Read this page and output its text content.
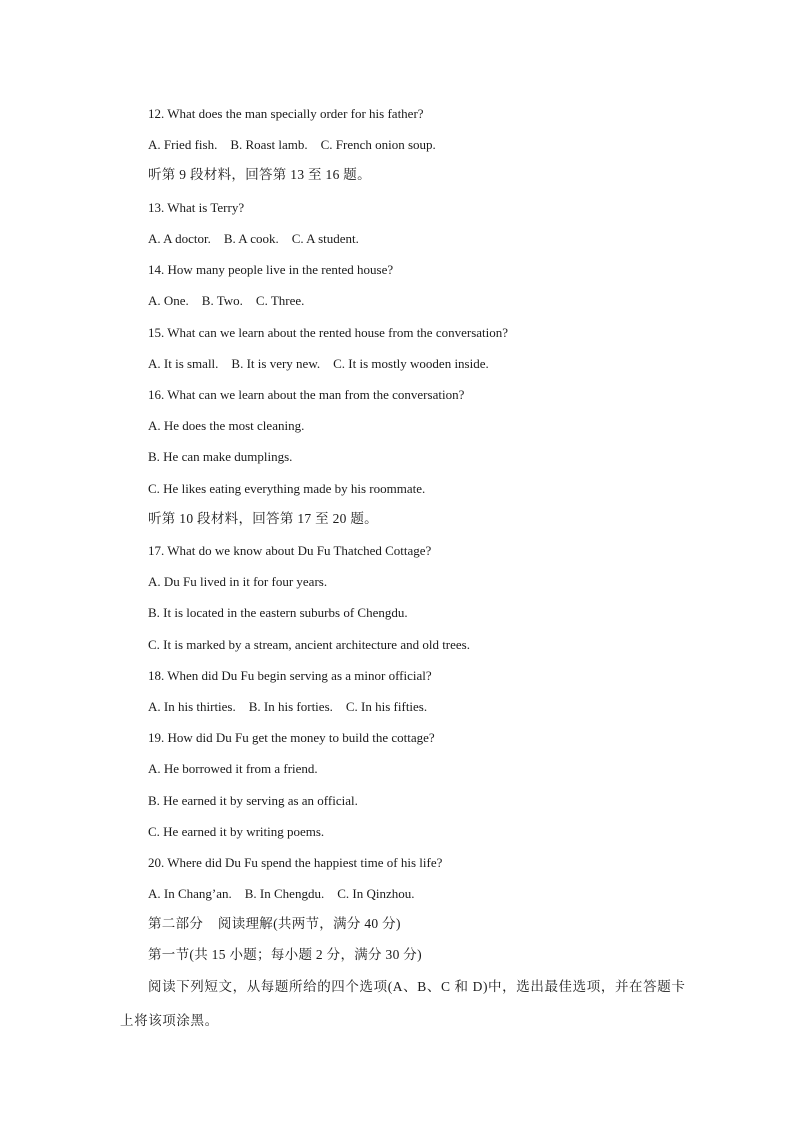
12. What does the man specially order for his father?
A. Fried fish.    B. Roast lamb.    C. French onion soup.
听第 9 段材料，回答第 13 至 16 题。
13. What is Terry?
A. A doctor.    B. A cook.    C. A student.
14. How many people live in the rented house?
A. One.    B. Two.    C. Three.
15. What can we learn about the rented house from the conversation?
A. It is small.    B. It is very new.    C. It is mostly wooden inside.
16. What can we learn about the man from the conversation?
A. He does the most cleaning.
B. He can make dumplings.
C. He likes eating everything made by his roommate.
听第 10 段材料，回答第 17 至 20 题。
17. What do we know about Du Fu Thatched Cottage?
A. Du Fu lived in it for four years.
B. It is located in the eastern suburbs of Chengdu.
C. It is marked by a stream, ancient architecture and old trees.
18. When did Du Fu begin serving as a minor official?
A. In his thirties.    B. In his forties.    C. In his fifties.
19. How did Du Fu get the money to build the cottage?
A. He borrowed it from a friend.
B. He earned it by serving as an official.
C. He earned it by writing poems.
20. Where did Du Fu spend the happiest time of his life?
A. In Chang’an.    B. In Chengdu.    C. In Qinzhou.
第二部分    阅读理解(共两节，满分 40 分)
第一节(共 15 小题；每小题 2 分，满分 30 分)
阅读下列短文，从每题所给的四个选项(A、B、C 和 D)中，选出最佳选项，并在答题卡
上将该项涂黑。
